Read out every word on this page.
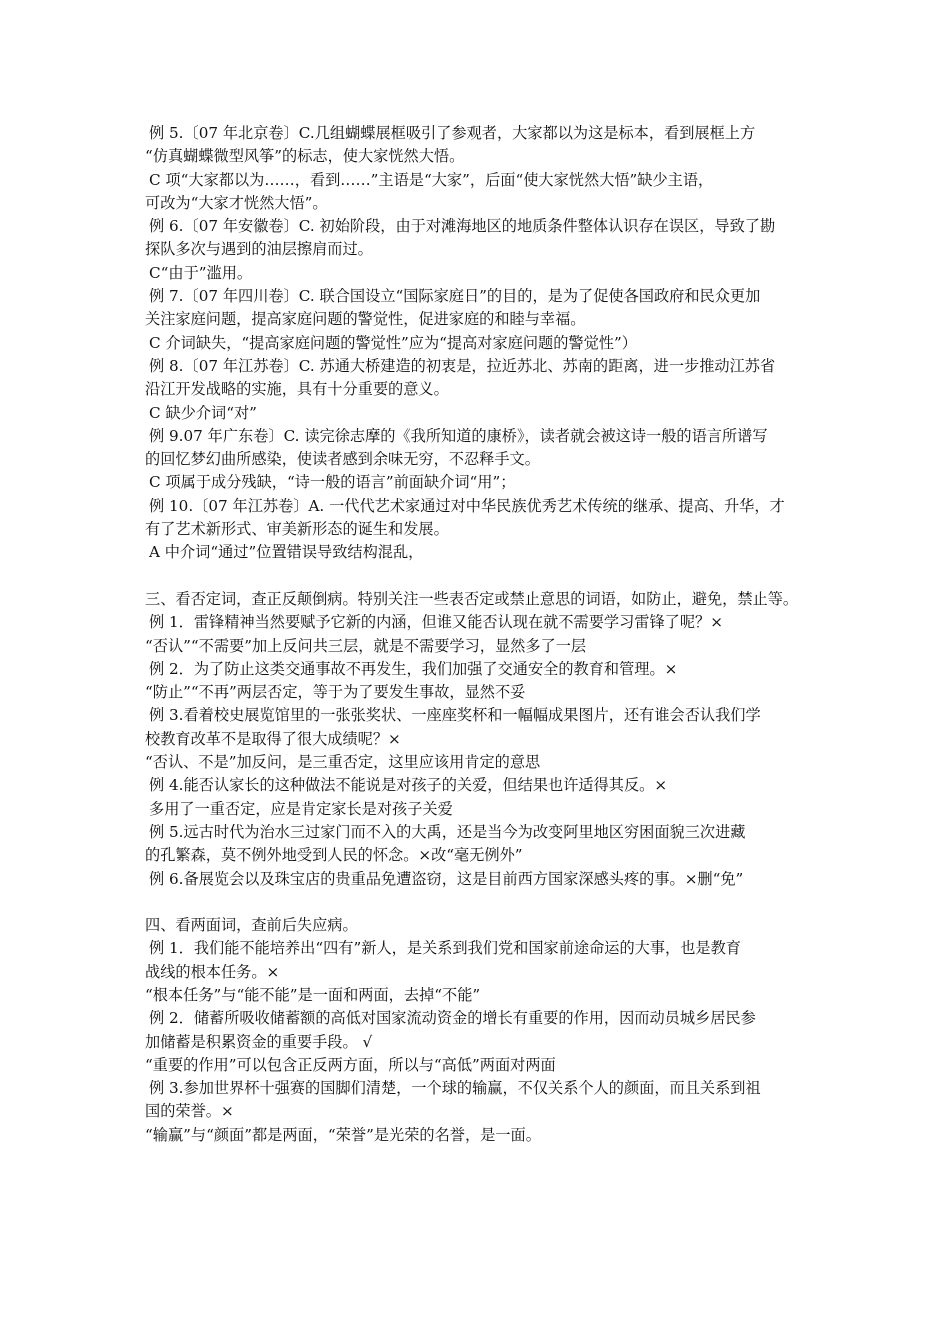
例 5.〔07 年北京卷〕C.几组蝴蝶展框吸引了参观者，大家都以为这是标本，看到展框上方
“仿真蝴蝶微型风筝”的标志，使大家恍然大悟。
C 项“大家都以为……，看到……”主语是“大家”，后面“使大家恍然大悟”缺少主语，
可改为“大家才恍然大悟”。
例 6.〔07 年安徽卷〕C. 初始阶段，由于对滩海地区的地质条件整体认识存在误区，导致了勘
探队多次与遇到的油层擦肩而过。
C“由于”滥用。
例 7.〔07 年四川卷〕C. 联合国设立“国际家庭日”的目的，是为了促使各国政府和民众更加
关注家庭问题，提高家庭问题的警觉性，促进家庭的和睦与幸福。
C 介词缺失，“提高家庭问题的警觉性”应为“提高对家庭问题的警觉性”）
例 8.〔07 年江苏卷〕C. 苏通大桥建造的初衷是，拉近苏北、苏南的距离，进一步推动江苏省
沿江开发战略的实施，具有十分重要的意义。
C 缺少介词“对”
例 9.07 年广东卷〕C. 读完徐志摩的《我所知道的康桥》，读者就会被这诗一般的语言所谱写
的回忆梦幻曲所感染，使读者感到余味无穷，不忍释手文。
C 项属于成分残缺，“诗一般的语言”前面缺介词“用”；
例 10.〔07 年江苏卷〕A. 一代代艺术家通过对中华民族优秀艺术传统的继承、提高、升华，才
有了艺术新形式、审美新形态的诞生和发展。
A 中介词“通过”位置错误导致结构混乱，
三、看否定词，查正反颠倒病。特别关注一些表否定或禁止意思的词语，如防止，避免，禁止等。
例 1．雷锋精神当然要赋予它新的内涵，但谁又能否认现在就不需要学习雷锋了呢？×
“否认”“不需要”加上反问共三层，就是不需要学习，显然多了一层
例 2．为了防止这类交通事故不再发生，我们加强了交通安全的教育和管理。×
“防止”“不再”两层否定，等于为了要发生事故，显然不妥
例 3.看着校史展览馆里的一张张奖状、一座座奖杯和一幅幅成果图片，还有谁会否认我们学
校教育改革不是取得了很大成绩呢？×
“否认、不是”加反问，是三重否定，这里应该用肯定的意思
例 4.能否认家长的这种做法不能说是对孩子的关爱，但结果也许适得其反。×
多用了一重否定，应是肯定家长是对孩子关爱
例 5.远古时代为治水三过家门而不入的大禹，还是当今为改变阿里地区穷困面貌三次进藏
的孔繁森，莫不例外地受到人民的怀念。×改“毫无例外”
例 6.备展览会以及珠宝店的贵重品免遭盗窃，这是目前西方国家深感头疼的事。×删“免”
四、看两面词，查前后失应病。
例 1．我们能不能培养出“四有”新人，是关系到我们党和国家前途命运的大事，也是教育
战线的根本任务。×
“根本任务”与“能不能”是一面和两面，去掉“不能”
例 2．储蓄所吸收储蓄额的高低对国家流动资金的增长有重要的作用，因而动员城乡居民参
加储蓄是积累资金的重要手段。 √
“重要的作用”可以包含正反两方面，所以与“高低”两面对两面
例 3.参加世界杯十强赛的国脚们清楚，一个球的输赢，不仅关系个人的颜面，而且关系到祖
国的荣誉。×
“输赢”与“颜面”都是两面，“荣誉”是光荣的名誉，是一面。
